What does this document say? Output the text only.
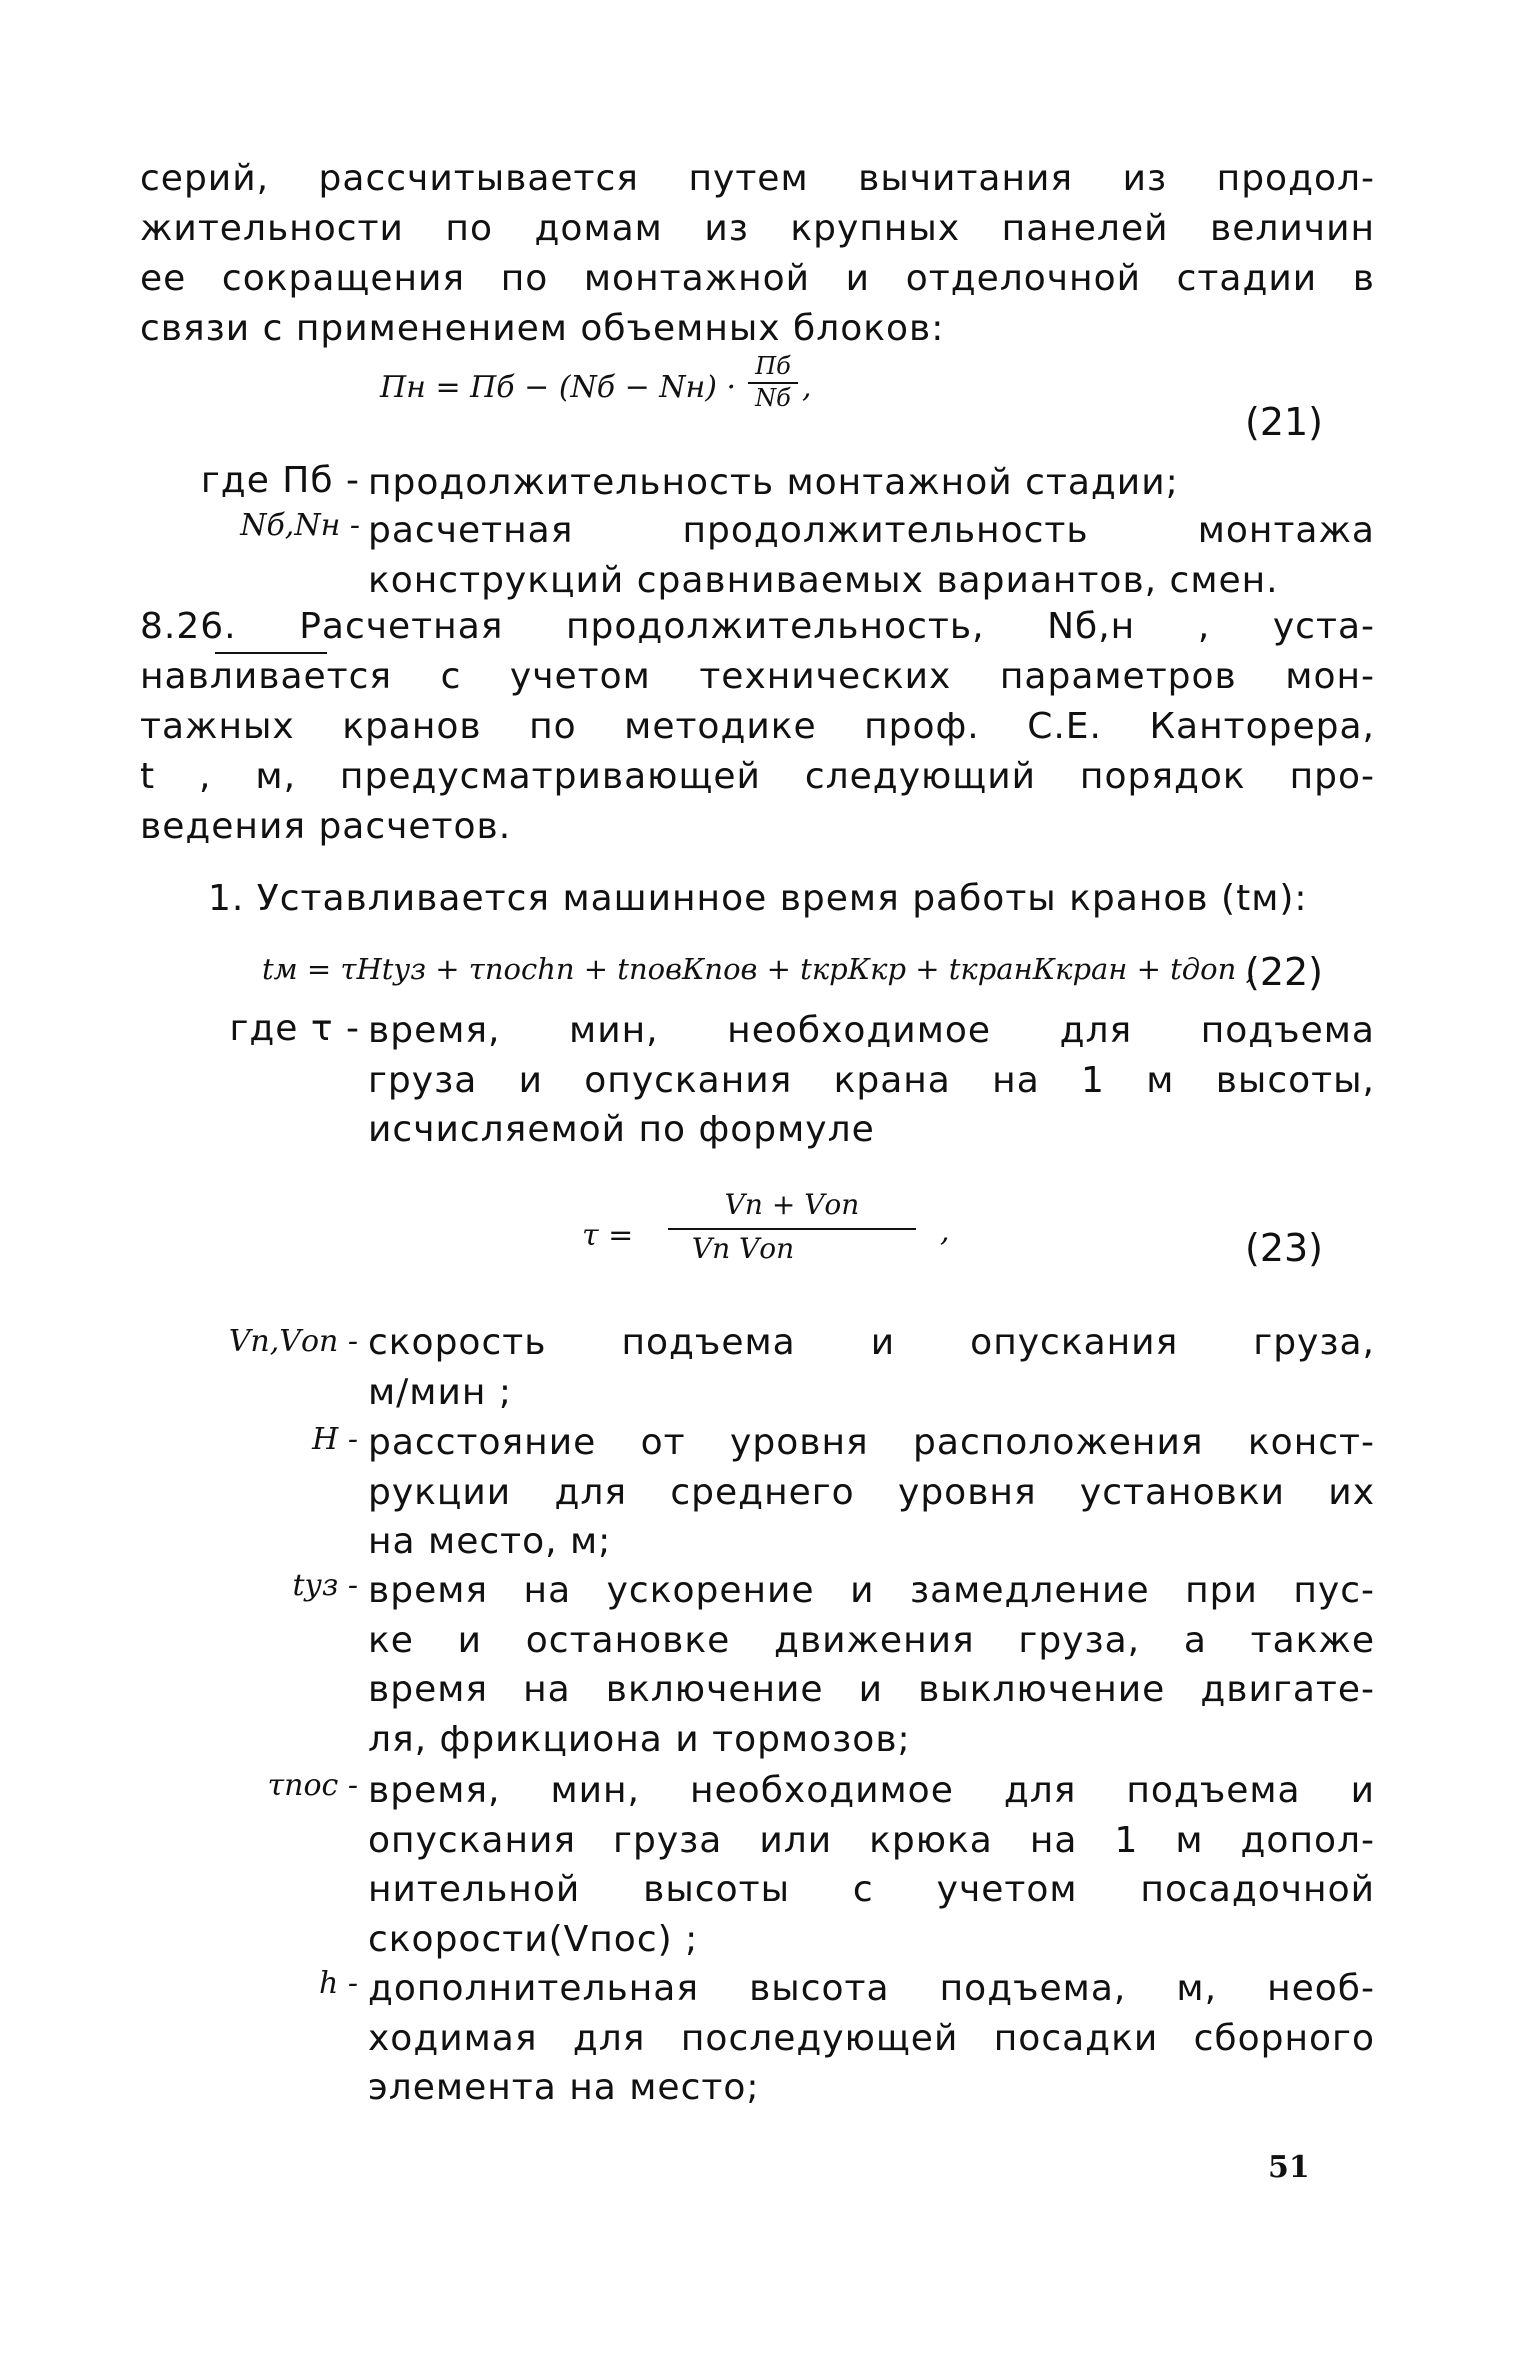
серий, рассчитывается путем вычитания из продол-
жительности по домам из крупных панелей величин
ее сокращения по монтажной и отделочной стадии в
связи с применением объемных блоков:
Пн = Пб − (Nб − Nн) ·
Пб
Nб ,
(21)
где Пб - продолжительность монтажной стадии;
Nб,Nн - расчетная продолжительность монтажа
конструкций сравниваемых вариантов, смен.
8.26. Расчетная продолжительность, Nб,н , уста-
навливается с учетом технических параметров мон-
тажных кранов по методике проф. С.Е. Канторера,
t , м, предусматривающей следующий порядок про-
ведения расчетов.
1. Уставливается машинное время работы кранов (tм):
tм = τНtуз + τпосhn + tповКпов + tкрКкр + tкранКкран + tдоп ,
(22)
где τ - время, мин, необходимое для подъема
груза и опускания крана на 1 м высоты,
исчисляемой по формуле
τ =
Vп + Vоп
Vп Vоп	,	(23)
Vп,Vоп - скорость подъема и опускания груза,
м/мин ;
Н - расстояние от уровня расположения конст-
рукции для среднего уровня установки их
на место, м;
tуз - время на ускорение и замедление при пус-
ке и остановке движения груза, а также
время на включение и выключение двигате-
ля, фрикциона и тормозов;
τпос - время, мин, необходимое для подъема и
опускания груза или крюка на 1 м допол-
нительной высоты с учетом посадочной
скорости(Vпос) ;
h - дополнительная высота подъема, м, необ-
ходимая для последующей посадки сборного
элемента на место;
51
